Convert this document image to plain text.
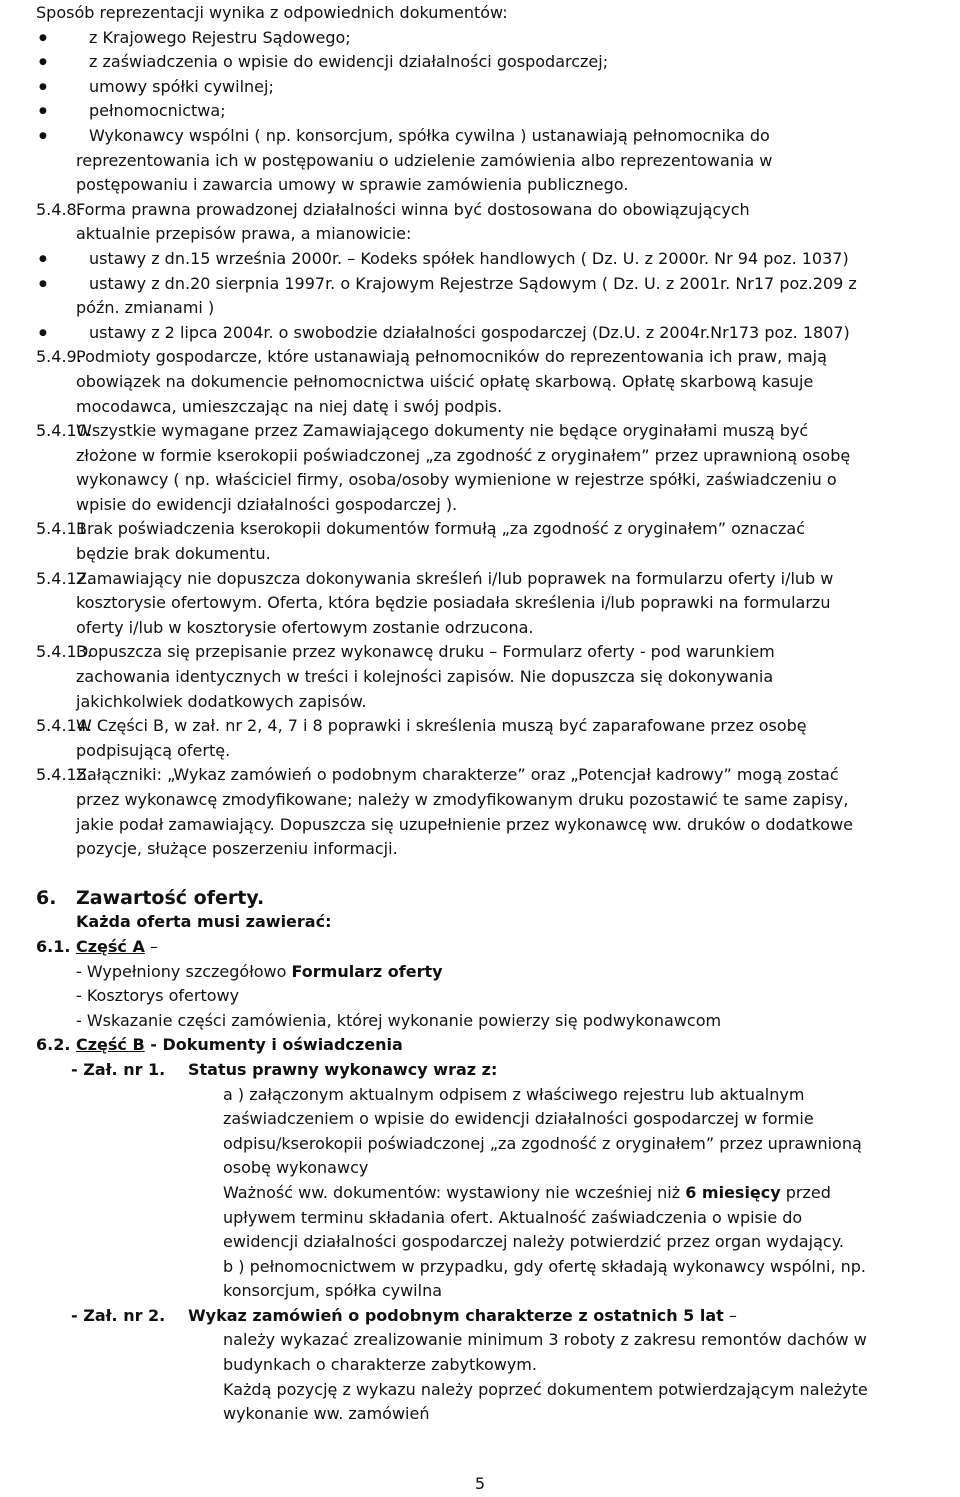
Sposób reprezentacji wynika z odpowiednich dokumentów:
● z Krajowego Rejestru Sądowego;
● z zaświadczenia o wpisie do ewidencji działalności gospodarczej;
● umowy spółki cywilnej;
● pełnomocnictwa;
● Wykonawcy wspólni ( np. konsorcjum, spółka cywilna ) ustanawiają pełnomocnika do
reprezentowania ich w postępowaniu o udzielenie zamówienia albo reprezentowania w
postępowaniu i zawarcia umowy w sprawie zamówienia publicznego.
5.4.8.Forma prawna prowadzonej działalności winna być dostosowana do obowiązujących
aktualnie przepisów prawa, a mianowicie:
● ustawy z dn.15 września 2000r. – Kodeks spółek handlowych ( Dz. U. z 2000r. Nr 94 poz. 1037)
● ustawy z dn.20 sierpnia 1997r. o Krajowym Rejestrze Sądowym ( Dz. U. z 2001r. Nr17 poz.209 z
późn. zmianami )
● ustawy z 2 lipca 2004r. o swobodzie działalności gospodarczej (Dz.U. z 2004r.Nr173 poz. 1807)
5.4.9.Podmioty gospodarcze, które ustanawiają pełnomocników do reprezentowania ich praw, mają
obowiązek na dokumencie pełnomocnictwa uiścić opłatę skarbową. Opłatę skarbową kasuje
mocodawca, umieszczając na niej datę i swój podpis.
5.4.10.Wszystkie wymagane przez Zamawiającego dokumenty nie będące oryginałami muszą być
złożone w formie kserokopii poświadczonej „za zgodność z oryginałem” przez uprawnioną osobę
wykonawcy ( np. właściciel firmy, osoba/osoby wymienione w rejestrze spółki, zaświadczeniu o
wpisie do ewidencji działalności gospodarczej ).
5.4.11.Brak poświadczenia kserokopii dokumentów formułą „za zgodność z oryginałem” oznaczać
będzie brak dokumentu.
5.4.12.Zamawiający nie dopuszcza dokonywania skreśleń i/lub poprawek na formularzu oferty i/lub w
kosztorysie ofertowym. Oferta, która będzie posiadała skreślenia i/lub poprawki na formularzu
oferty i/lub w kosztorysie ofertowym zostanie odrzucona.
5.4.13.Dopuszcza się przepisanie przez wykonawcę druku – Formularz oferty - pod warunkiem
zachowania identycznych w treści i kolejności zapisów. Nie dopuszcza się dokonywania
jakichkolwiek dodatkowych zapisów.
5.4.14.W Części B, w zał. nr 2, 4, 7 i 8 poprawki i skreślenia muszą być zaparafowane przez osobę
podpisującą ofertę.
5.4.15.Załączniki: „Wykaz zamówień o podobnym charakterze” oraz „Potencjał kadrowy” mogą zostać
przez wykonawcę zmodyfikowane; należy w zmodyfikowanym druku pozostawić te same zapisy,
jakie podał zamawiający. Dopuszcza się uzupełnienie przez wykonawcę ww. druków o dodatkowe
pozycje, służące poszerzeniu informacji.
6. Zawartość oferty.
Każda oferta musi zawierać:
6.1. Część A –
- Wypełniony szczegółowo Formularz oferty
- Kosztorys ofertowy
- Wskazanie części zamówienia, której wykonanie powierzy się podwykonawcom
6.2. Część B - Dokumenty i oświadczenia
- Zał. nr 1. Status prawny wykonawcy wraz z:
a ) załączonym aktualnym odpisem z właściwego rejestru lub aktualnym
zaświadczeniem o wpisie do ewidencji działalności gospodarczej w formie
odpisu/kserokopii poświadczonej „za zgodność z oryginałem” przez uprawnioną
osobę wykonawcy
Ważność ww. dokumentów: wystawiony nie wcześniej niż 6 miesięcy przed
upływem terminu składania ofert. Aktualność zaświadczenia o wpisie do
ewidencji działalności gospodarczej należy potwierdzić przez organ wydający.
b ) pełnomocnictwem w przypadku, gdy ofertę składają wykonawcy wspólni, np.
konsorcjum, spółka cywilna
- Zał. nr 2. Wykaz zamówień o podobnym charakterze z ostatnich 5 lat –
należy wykazać zrealizowanie minimum 3 roboty z zakresu remontów dachów w
budynkach o charakterze zabytkowym.
Każdą pozycję z wykazu należy poprzeć dokumentem potwierdzającym należyte
wykonanie ww. zamówień
5
